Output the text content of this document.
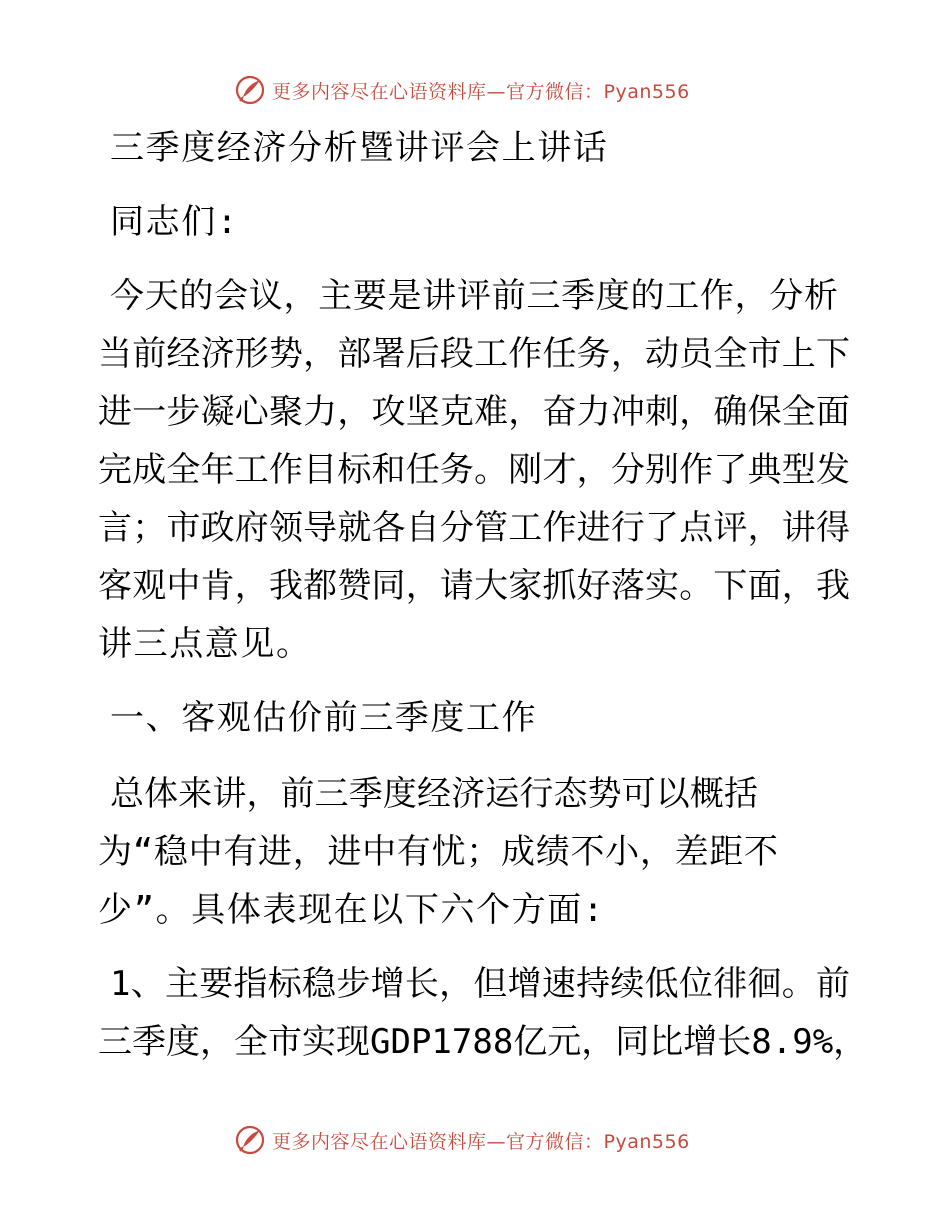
更多内容尽在心语资料库—官方微信：Pyan556
三季度经济分析暨讲评会上讲话
同志们:
今天的会议，主要是讲评前三季度的工作，分析
当前经济形势，部署后段工作任务，动员全市上下
进一步凝心聚力，攻坚克难，奋力冲刺，确保全面
完成全年工作目标和任务。刚才，分别作了典型发
言；市政府领导就各自分管工作进行了点评，讲得
客观中肯，我都赞同，请大家抓好落实。下面，我
讲三点意见。
一、客观估价前三季度工作
总体来讲，前三季度经济运行态势可以概括
为“稳中有进，进中有忧；成绩不小，差距不
少”。具体表现在以下六个方面:
1、主要指标稳步增长，但增速持续低位徘徊。前
三季度，全市实现GDP1788亿元，同比增长8.9%，
更多内容尽在心语资料库—官方微信：Pyan556
